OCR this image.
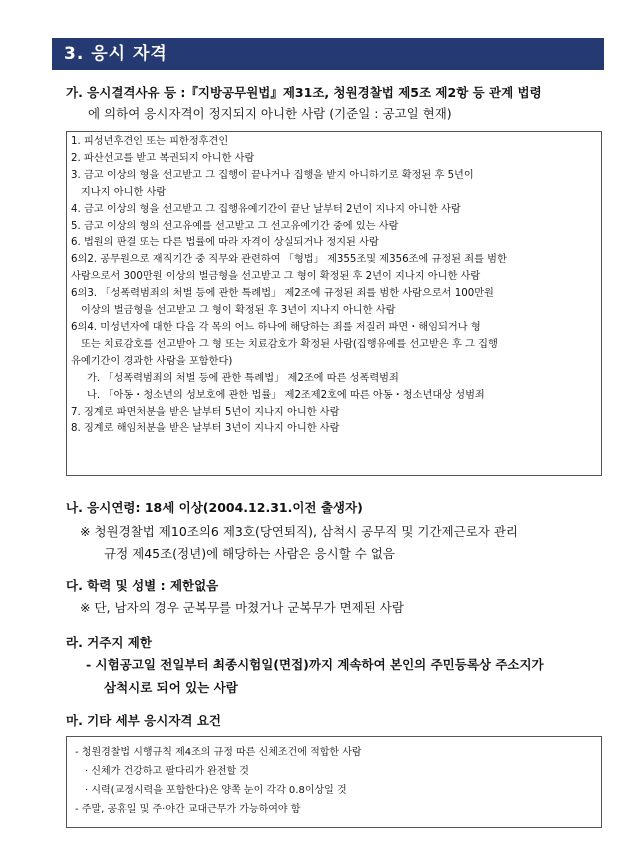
3. 응시 자격
가. 응시결격사유 등 :『지방공무원법』제31조, 청원경찰법 제5조 제2항 등 관계 법령
에 의하여 응시자격이 정지되지 아니한 사람 (기준일 : 공고일 현재)
1. 피성년후견인 또는 피한정후견인
2. 파산선고를 받고 복권되지 아니한 사람
3. 금고 이상의 형을 선고받고 그 집행이 끝나거나 집행을 받지 아니하기로 확정된 후 5년이
지나지 아니한 사람
4. 금고 이상의 형을 선고받고 그 집행유예기간이 끝난 날부터 2년이 지나지 아니한 사람
5. 금고 이상의 형의 선고유예를 선고받고 그 선고유예기간 중에 있는 사람
6. 법원의 판결 또는 다른 법률에 따라 자격이 상실되거나 정지된 사람
6의2. 공무원으로 재직기간 중 직무와 관련하여 「형법」 제355조및 제356조에 규정된 죄를 범한
사람으로서 300만원 이상의 벌금형을 선고받고 그 형이 확정된 후 2년이 지나지 아니한 사람
6의3. 「성폭력범죄의 처벌 등에 관한 특례법」 제2조에 규정된 죄를 범한 사람으로서 100만원
이상의 벌금형을 선고받고 그 형이 확정된 후 3년이 지나지 아니한 사람
6의4. 미성년자에 대한 다음 각 목의 어느 하나에 해당하는 죄를 저질러 파면・해임되거나 형
또는 치료감호를 선고받아 그 형 또는 치료감호가 확정된 사람(집행유예를 선고받은 후 그 집행
유예기간이 경과한 사람을 포함한다)
가. 「성폭력범죄의 처벌 등에 관한 특례법」 제2조에 따른 성폭력범죄
나. 「아동・청소년의 성보호에 관한 법률」 제2조제2호에 따른 아동・청소년대상 성범죄
7. 징계로 파면처분을 받은 날부터 5년이 지나지 아니한 사람
8. 징계로 해임처분을 받은 날부터 3년이 지나지 아니한 사람
나. 응시연령: 18세 이상(2004.12.31.이전 출생자)
※ 청원경찰법 제10조의6 제3호(당연퇴직), 삼척시 공무직 및 기간제근로자 관리
규정 제45조(정년)에 해당하는 사람은 응시할 수 없음
다. 학력 및 성별 : 제한없음
※ 단, 남자의 경우 군복무를 마쳤거나 군복무가 면제된 사람
라. 거주지 제한
- 시험공고일 전일부터 최종시험일(면접)까지 계속하여 본인의 주민등록상 주소지가
삼척시로 되어 있는 사람
마. 기타 세부 응시자격 요건
- 청원경찰법 시행규칙 제4조의 규정 따른 신체조건에 적합한 사람
· 신체가 건강하고 팔다리가 완전할 것
· 시력(교정시력을 포함한다)은 양쪽 눈이 각각 0.8이상일 것
- 주말, 공휴일 및 주·야간 교대근무가 가능하여야 함
